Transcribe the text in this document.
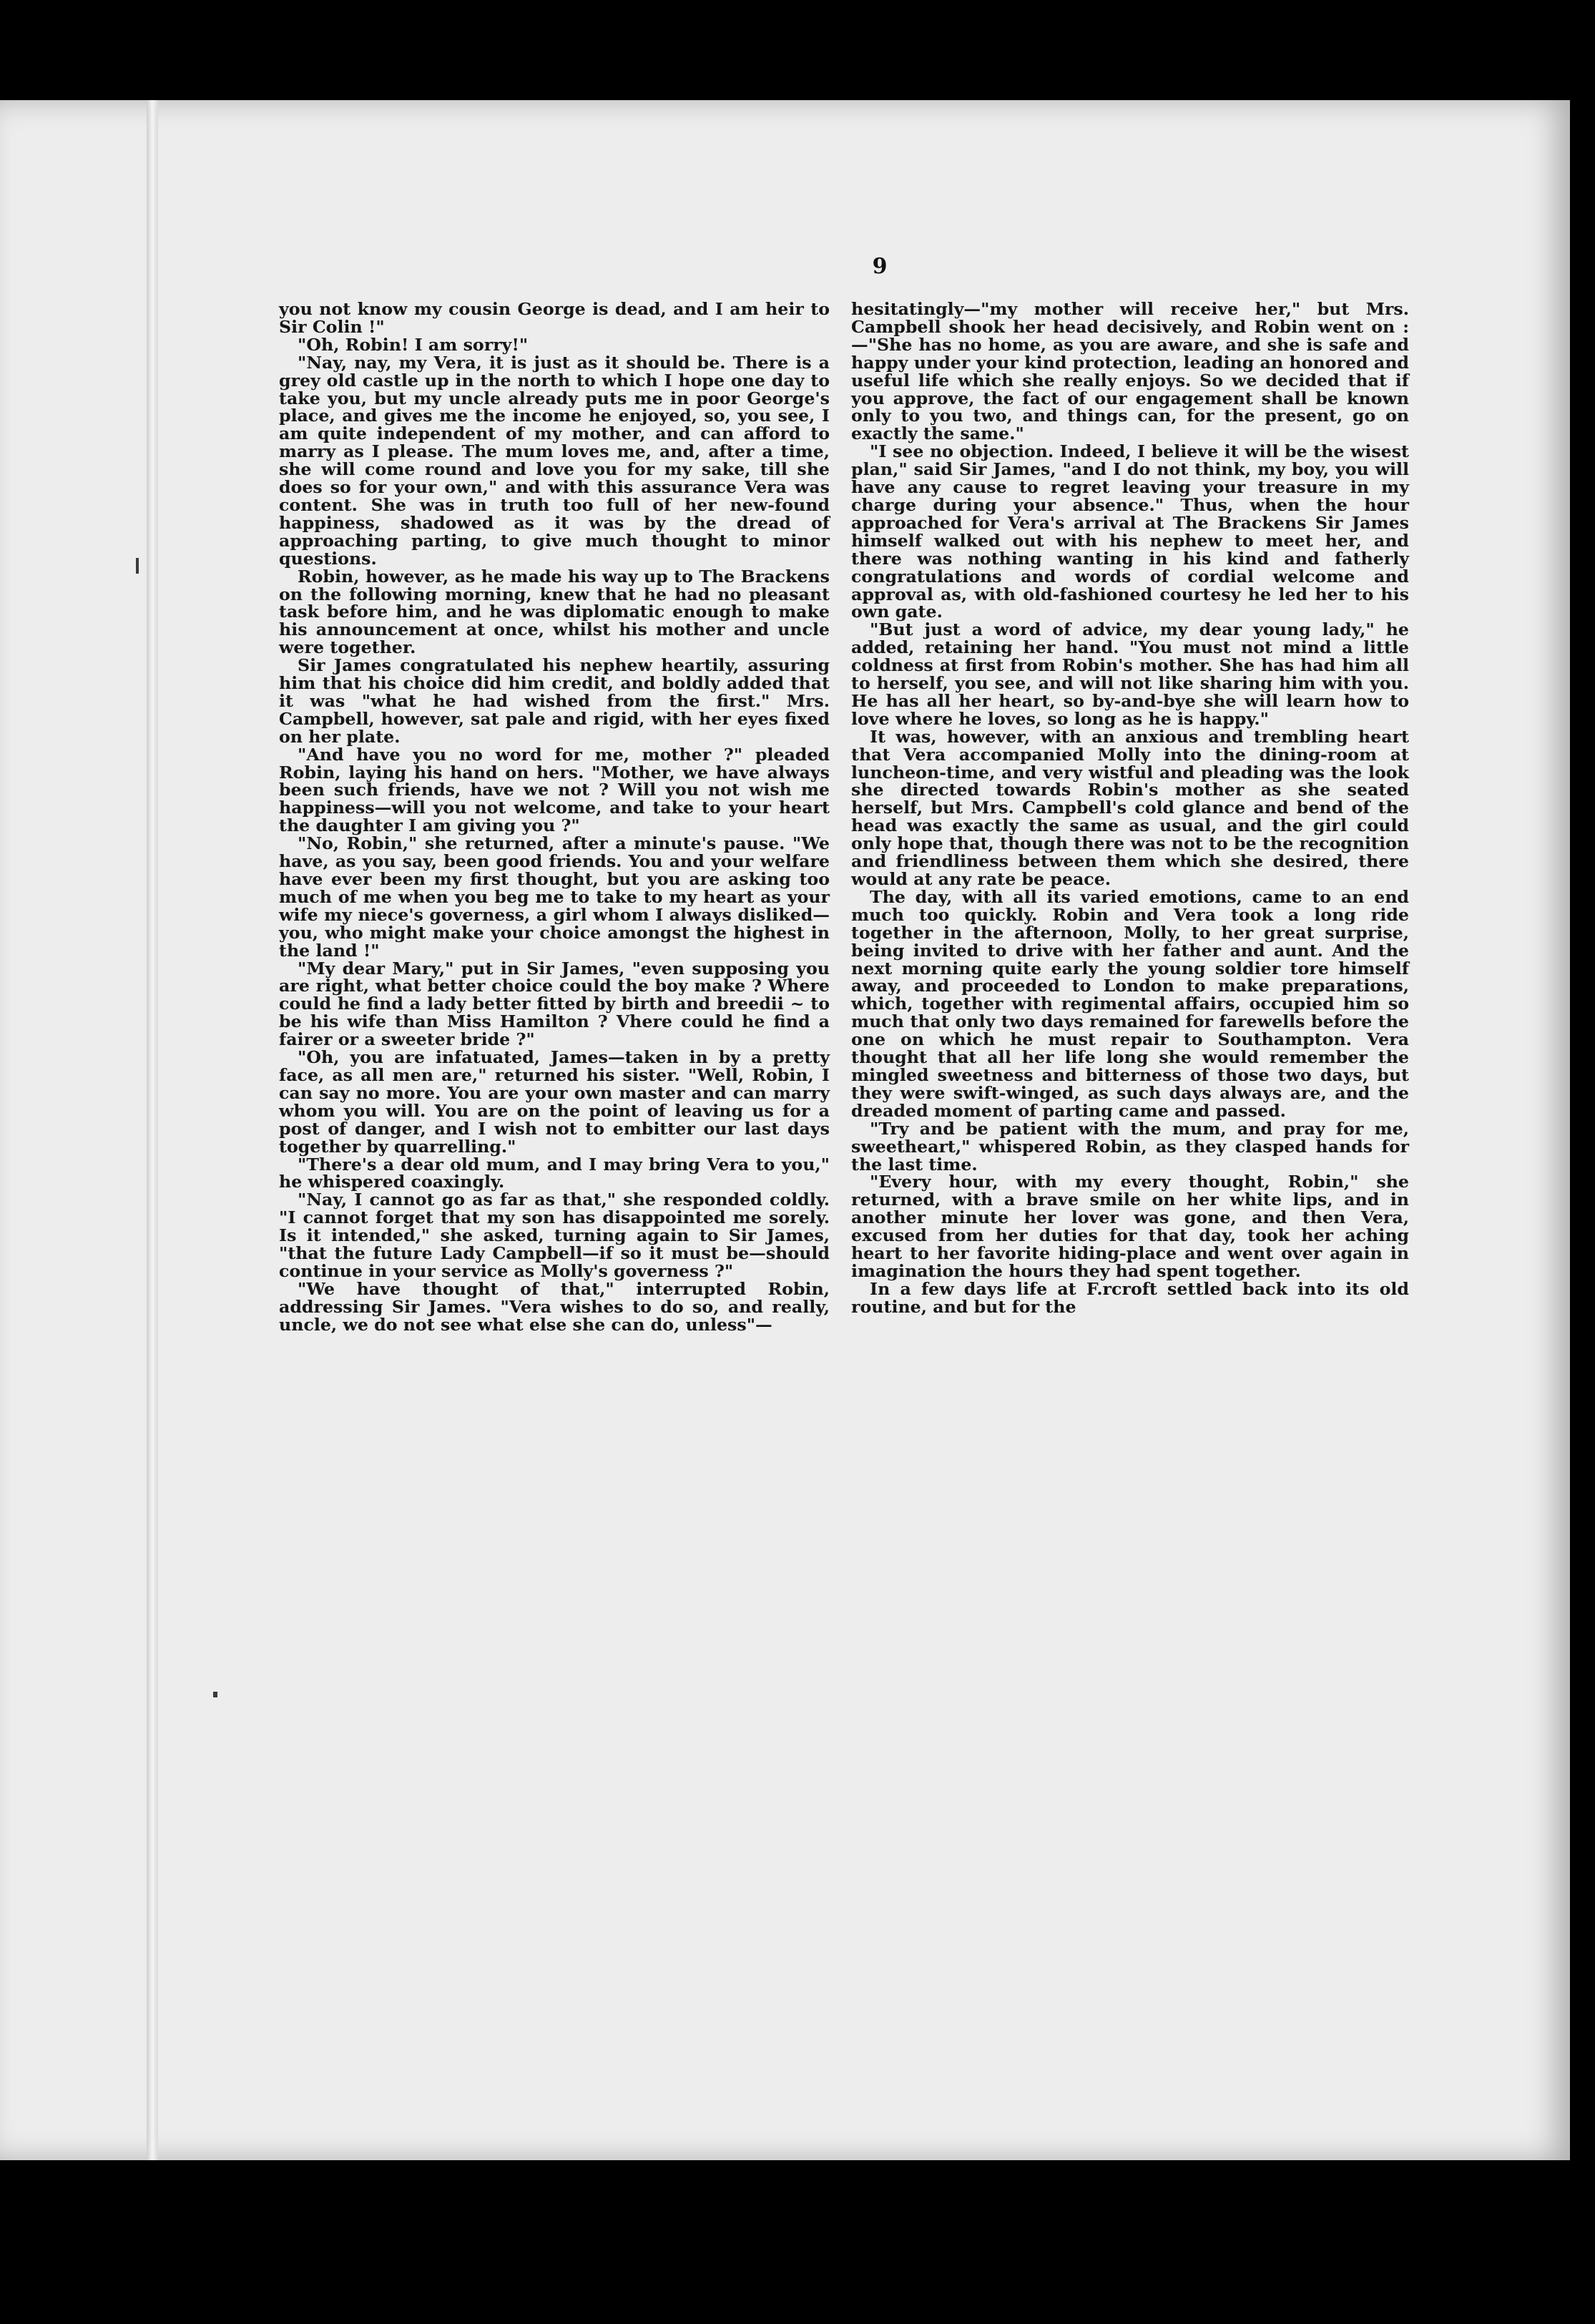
9

you not know my cousin George is dead, and I am heir to Sir Colin !"

"Oh, Robin! I am sorry!"

"Nay, nay, my Vera, it is just as it should be. There is a grey old castle up in the north to which I hope one day to take you, but my uncle already puts me in poor George's place, and gives me the income he enjoyed, so, you see, I am quite independent of my mother, and can afford to marry as I please. The mum loves me, and, after a time, she will come round and love you for my sake, till she does so for your own," and with this assurance Vera was content. She was in truth too full of her new-found happiness, shadowed as it was by the dread of approaching parting, to give much thought to minor questions.

Robin, however, as he made his way up to The Brackens on the following morning, knew that he had no pleasant task before him, and he was diplomatic enough to make his announcement at once, whilst his mother and uncle were together.

Sir James congratulated his nephew heartily, assuring him that his choice did him credit, and boldly added that it was "what he had wished from the first." Mrs. Campbell, however, sat pale and rigid, with her eyes fixed on her plate.

"And have you no word for me, mother ?" pleaded Robin, laying his hand on hers. "Mother, we have always been such friends, have we not ? Will you not wish me happiness—will you not welcome, and take to your heart the daughter I am giving you ?"

"No, Robin," she returned, after a minute's pause. "We have, as you say, been good friends. You and your welfare have ever been my first thought, but you are asking too much of me when you beg me to take to my heart as your wife my niece's governess, a girl whom I always disliked—you, who might make your choice amongst the highest in the land !"

"My dear Mary," put in Sir James, "even supposing you are right, what better choice could the boy make ? Where could he find a lady better fitted by birth and breedii ~ to be his wife than Miss Hamilton ? Vhere could he find a fairer or a sweeter bride ?"

"Oh, you are infatuated, James—taken in by a pretty face, as all men are," returned his sister. "Well, Robin, I can say no more. You are your own master and can marry whom you will. You are on the point of leaving us for a post of danger, and I wish not to embitter our last days together by quarrelling."

"There's a dear old mum, and I may bring Vera to you," he whispered coaxingly.

"Nay, I cannot go as far as that," she responded coldly. "I cannot forget that my son has disappointed me sorely. Is it intended," she asked, turning again to Sir James, "that the future Lady Campbell—if so it must be—should continue in your service as Molly's governess ?"

"We have thought of that," interrupted Robin, addressing Sir James. "Vera wishes to do so, and really, uncle, we do not see what else she can do, unless"—

hesitatingly—"my mother will receive her," but Mrs. Campbell shook her head decisively, and Robin went on :—"She has no home, as you are aware, and she is safe and happy under your kind protection, leading an honored and useful life which she really enjoys. So we decided that if you approve, the fact of our engagement shall be known only to you two, and things can, for the present, go on exactly the same."

"I see no objection. Indeed, I believe it will be the wisest plan," said Sir James, "and I do not think, my boy, you will have any cause to regret leaving your treasure in my charge during your absence." Thus, when the hour approached for Vera's arrival at The Brackens Sir James himself walked out with his nephew to meet her, and there was nothing wanting in his kind and fatherly congratulations and words of cordial welcome and approval as, with old-fashioned courtesy he led her to his own gate.

"But just a word of advice, my dear young lady," he added, retaining her hand. "You must not mind a little coldness at first from Robin's mother. She has had him all to herself, you see, and will not like sharing him with you. He has all her heart, so by-and-bye she will learn how to love where he loves, so long as he is happy."

It was, however, with an anxious and trembling heart that Vera accompanied Molly into the dining-room at luncheon-time, and very wistful and pleading was the look she directed towards Robin's mother as she seated herself, but Mrs. Campbell's cold glance and bend of the head was exactly the same as usual, and the girl could only hope that, though there was not to be the recognition and friendliness between them which she desired, there would at any rate be peace.

The day, with all its varied emotions, came to an end much too quickly. Robin and Vera took a long ride together in the afternoon, Molly, to her great surprise, being invited to drive with her father and aunt. And the next morning quite early the young soldier tore himself away, and proceeded to London to make preparations, which, together with regimental affairs, occupied him so much that only two days remained for farewells before the one on which he must repair to Southampton. Vera thought that all her life long she would remember the mingled sweetness and bitterness of those two days, but they were swift-winged, as such days always are, and the dreaded moment of parting came and passed.

"Try and be patient with the mum, and pray for me, sweetheart," whispered Robin, as they clasped hands for the last time.

"Every hour, with my every thought, Robin," she returned, with a brave smile on her white lips, and in another minute her lover was gone, and then Vera, excused from her duties for that day, took her aching heart to her favorite hiding-place and went over again in imagination the hours they had spent together.

In a few days life at F.rcroft settled back into its old routine, and but for the
